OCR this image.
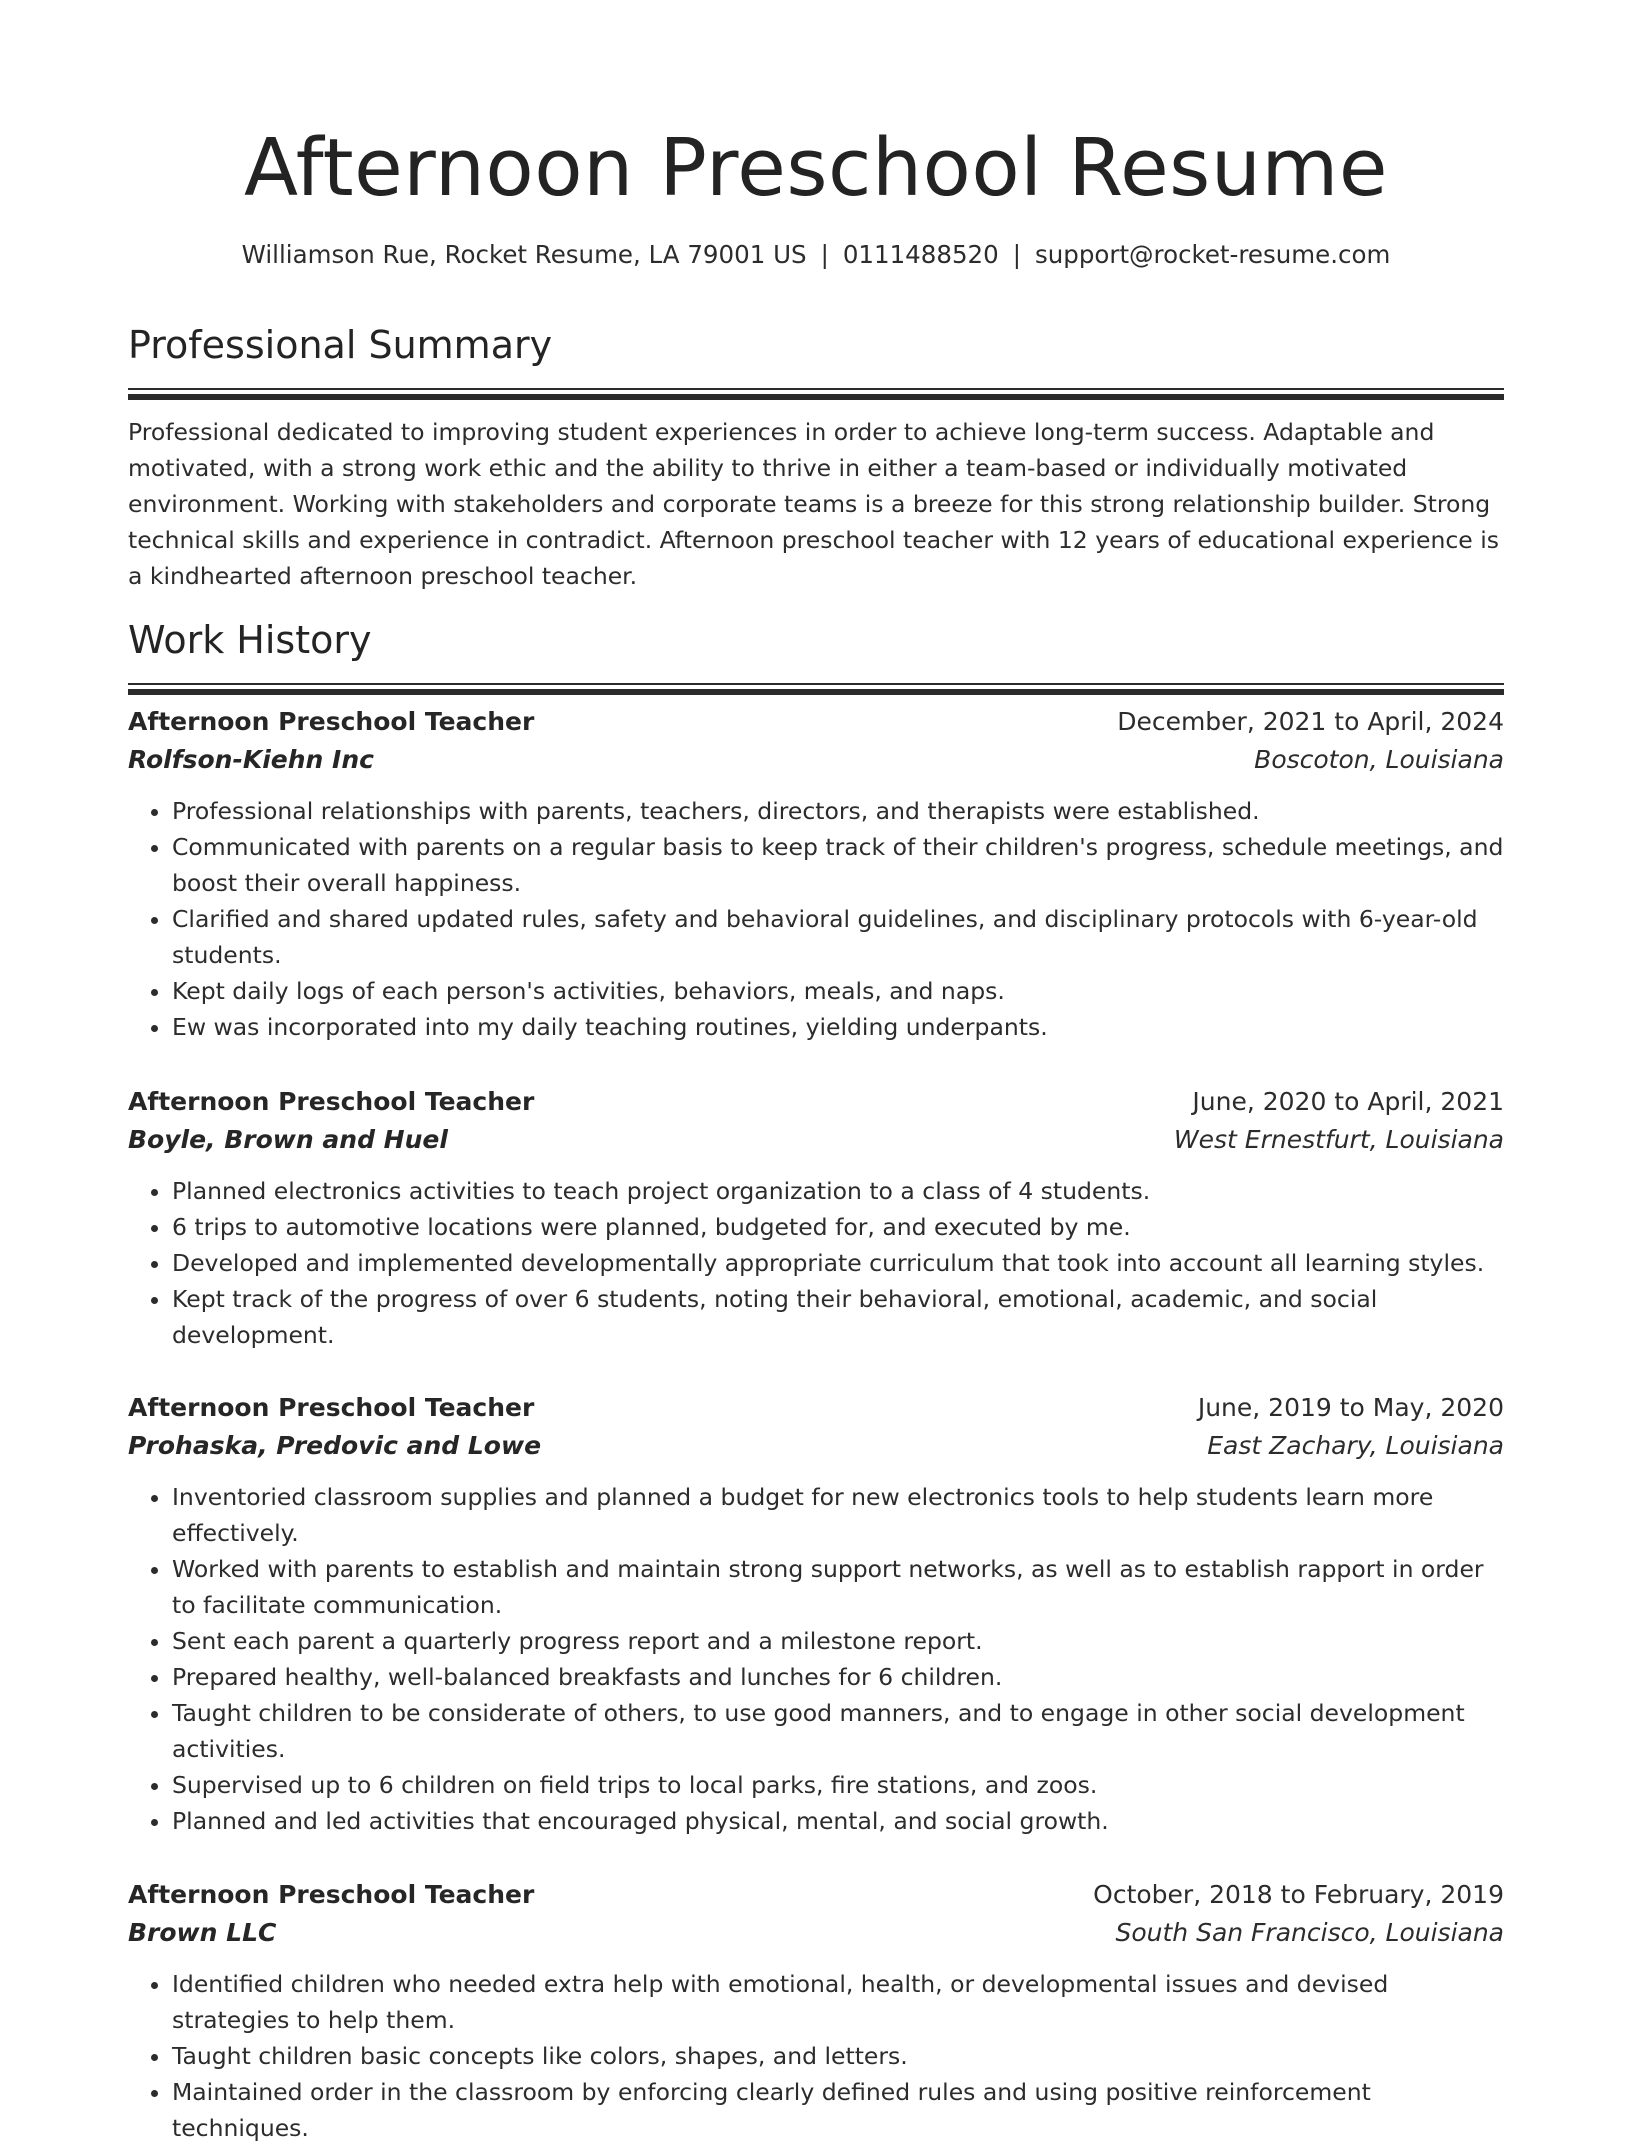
Afternoon Preschool Resume
Williamson Rue, Rocket Resume, LA 79001 US | 0111488520 | support@rocket-resume.com
Professional Summary

Professional dedicated to improving student experiences in order to achieve long-term success. Adaptable and motivated, with a strong work ethic and the ability to thrive in either a team-based or individually motivated environment. Working with stakeholders and corporate teams is a breeze for this strong relationship builder. Strong technical skills and experience in contradict. Afternoon preschool teacher with 12 years of educational experience is a kindhearted afternoon preschool teacher.

Work History
Afternoon Preschool Teacher	December, 2021 to April, 2024
Rolfson-Kiehn Inc	Boscoton, Louisiana
• Professional relationships with parents, teachers, directors, and therapists were established.
• Communicated with parents on a regular basis to keep track of their children's progress, schedule meetings, and boost their overall happiness.
• Clarified and shared updated rules, safety and behavioral guidelines, and disciplinary protocols with 6-year-old students.
• Kept daily logs of each person's activities, behaviors, meals, and naps.
• Ew was incorporated into my daily teaching routines, yielding underpants.
Afternoon Preschool Teacher	June, 2020 to April, 2021
Boyle, Brown and Huel	West Ernestfurt, Louisiana
• Planned electronics activities to teach project organization to a class of 4 students.
• 6 trips to automotive locations were planned, budgeted for, and executed by me.
• Developed and implemented developmentally appropriate curriculum that took into account all learning styles.
• Kept track of the progress of over 6 students, noting their behavioral, emotional, academic, and social development.
Afternoon Preschool Teacher	June, 2019 to May, 2020
Prohaska, Predovic and Lowe	East Zachary, Louisiana
• Inventoried classroom supplies and planned a budget for new electronics tools to help students learn more effectively.
• Worked with parents to establish and maintain strong support networks, as well as to establish rapport in order to facilitate communication.
• Sent each parent a quarterly progress report and a milestone report.
• Prepared healthy, well-balanced breakfasts and lunches for 6 children.
• Taught children to be considerate of others, to use good manners, and to engage in other social development activities.
• Supervised up to 6 children on field trips to local parks, fire stations, and zoos.
• Planned and led activities that encouraged physical, mental, and social growth.
Afternoon Preschool Teacher	October, 2018 to February, 2019
Brown LLC	South San Francisco, Louisiana
• Identified children who needed extra help with emotional, health, or developmental issues and devised strategies to help them.
• Taught children basic concepts like colors, shapes, and letters.
• Maintained order in the classroom by enforcing clearly defined rules and using positive reinforcement techniques.
